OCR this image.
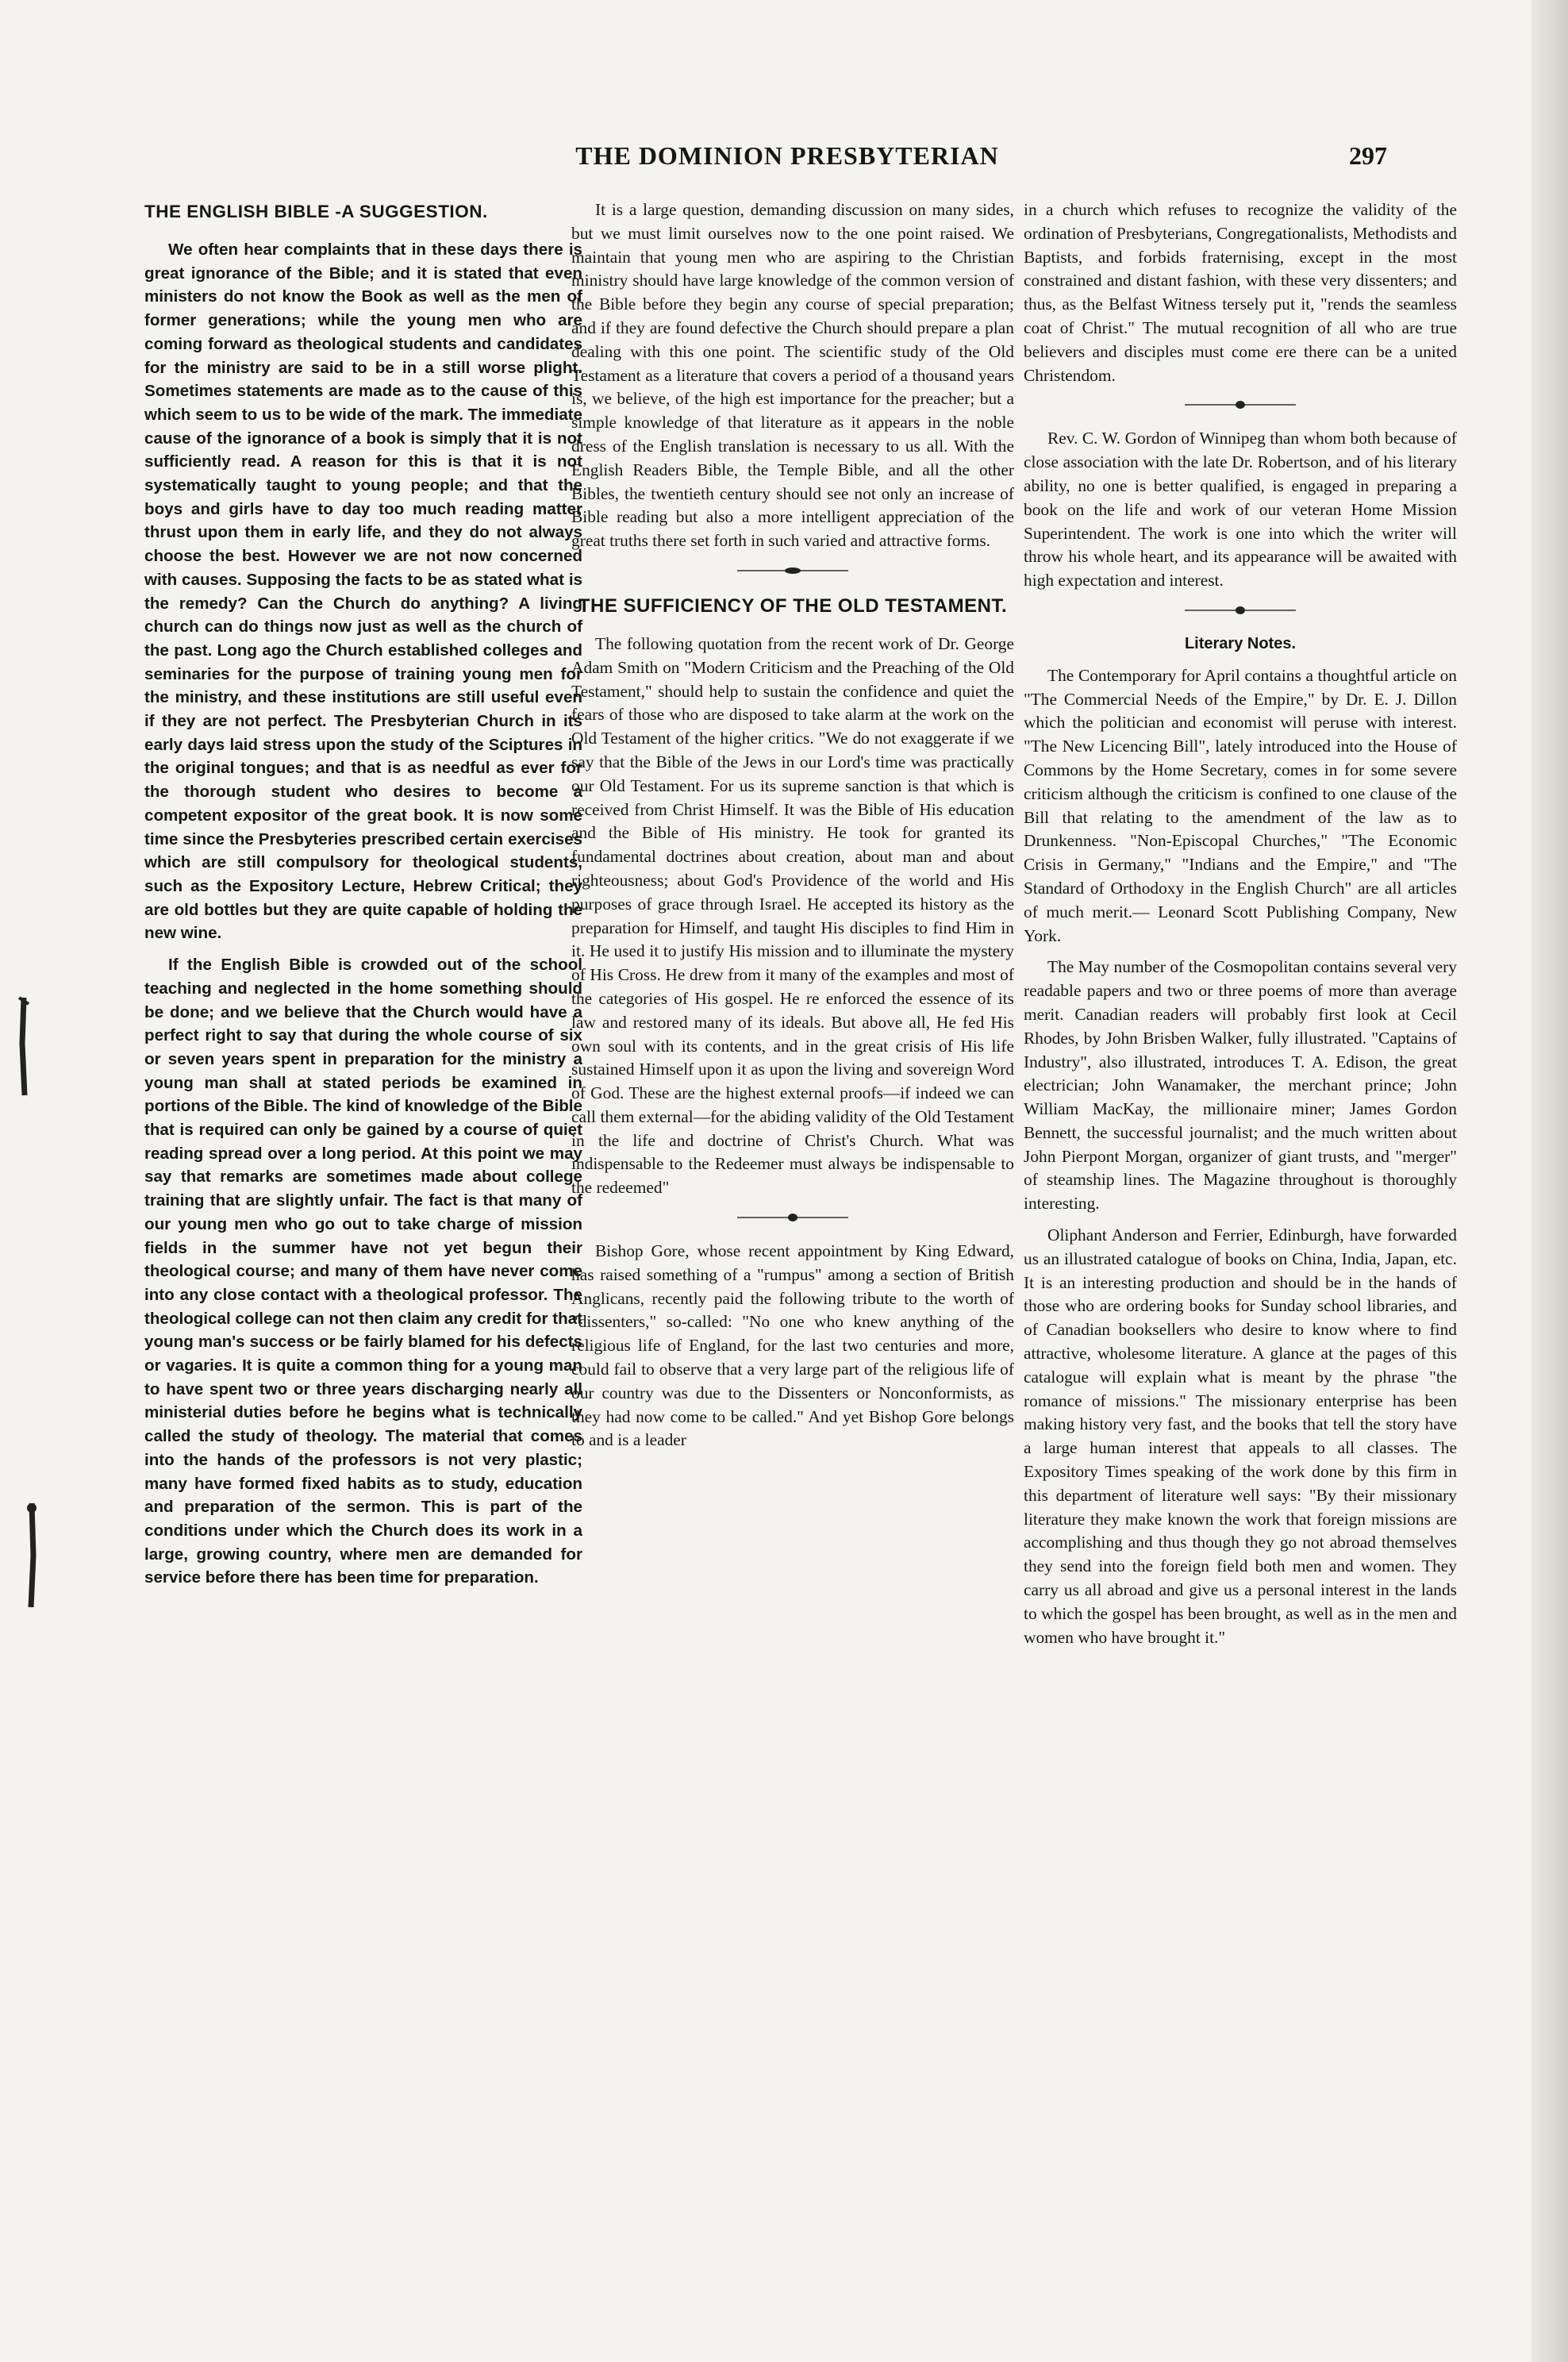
THE DOMINION PRESBYTERIAN	297
THE ENGLISH BIBLE -A SUGGESTION.

We often hear complaints that in these days there is great ignorance of the Bible; and it is stated that even ministers do not know the Book as well as the men of former generations; while the young men who are coming forward as theological students and candidates for the ministry are said to be in a still worse plight. Sometimes statements are made as to the cause of this which seem to us to be wide of the mark. The immediate cause of the ignorance of a book is simply that it is not sufficiently read. A reason for this is that it is not systematically taught to young people; and that the boys and girls have to day too much reading matter thrust upon them in early life, and they do not always choose the best. However we are not now concerned with causes. Supposing the facts to be as stated what is the remedy? Can the Church do anything? A living church can do things now just as well as the church of the past. Long ago the Church established colleges and seminaries for the purpose of training young men for the ministry, and these institutions are still useful even if they are not perfect. The Presbyterian Church in its early days laid stress upon the study of the Sciptures in the original tongues; and that is as needful as ever for the thorough student who desires to become a competent expositor of the great book. It is now some time since the Presbyteries prescribed certain exercises which are still compulsory for theological students, such as the Expository Lecture, Hebrew Critical; they are old bottles but they are quite capable of holding the new wine.

If the English Bible is crowded out of the school teaching and neglected in the home something should be done; and we believe that the Church would have a perfect right to say that during the whole course of six or seven years spent in preparation for the ministry a young man shall at stated periods be examined in portions of the Bible. The kind of knowledge of the Bible that is required can only be gained by a course of quiet reading spread over a long period. At this point we may say that remarks are sometimes made about college training that are slightly unfair. The fact is that many of our young men who go out to take charge of mission fields in the summer have not yet begun their theological course; and many of them have never come into any close contact with a theological professor. The theological college can not then claim any credit for that young man's success or be fairly blamed for his defects or vagaries. It is quite a common thing for a young man to have spent two or three years discharging nearly all ministerial duties before he begins what is technically called the study of theology. The material that comes into the hands of the professors is not very plastic; many have formed fixed habits as to study, education and preparation of the sermon. This is part of the conditions under which the Church does its work in a large, growing country, where men are demanded for service before there has been time for preparation.

It is a large question, demanding discussion on many sides, but we must limit ourselves now to the one point raised. We maintain that young men who are aspiring to the Christian ministry should have large knowledge of the common version of the Bible before they begin any course of special preparation; and if they are found defective the Church should prepare a plan dealing with this one point. The scientific study of the Old Testament as a literature that covers a period of a thousand years is, we believe, of the high est importance for the preacher; but a simple knowledge of that literature as it appears in the noble dress of the English translation is necessary to us all. With the English Readers Bible, the Temple Bible, and all the other Bibles, the twentieth century should see not only an increase of Bible reading but also a more intelligent appreciation of the great truths there set forth in such varied and attractive forms.

THE SUFFICIENCY OF THE OLD TESTAMENT.

The following quotation from the recent work of Dr. George Adam Smith on "Modern Criticism and the Preaching of the Old Testament," should help to sustain the confidence and quiet the fears of those who are disposed to take alarm at the work on the Old Testament of the higher critics. "We do not exaggerate if we say that the Bible of the Jews in our Lord's time was practically our Old Testament. For us its supreme sanction is that which is received from Christ Himself. It was the Bible of His education and the Bible of His ministry. He took for granted its fundamental doctrines about creation, about man and about righteousness; about God's Providence of the world and His purposes of grace through Israel. He accepted its history as the preparation for Himself, and taught His disciples to find Him in it. He used it to justify His mission and to illuminate the mystery of His Cross. He drew from it many of the examples and most of the categories of His gospel. He re enforced the essence of its law and restored many of its ideals. But above all, He fed His own soul with its contents, and in the great crisis of His life sustained Himself upon it as upon the living and sovereign Word of God. These are the highest external proofs—if indeed we can call them external—for the abiding validity of the Old Testament in the life and doctrine of Christ's Church. What was indispensable to the Redeemer must always be indispensable to the redeemed"

Bishop Gore, whose recent appointment by King Edward, has raised something of a "rumpus" among a section of British Anglicans, recently paid the following tribute to the worth of "dissenters," so-called: "No one who knew anything of the religious life of England, for the last two centuries and more, could fail to observe that a very large part of the religious life of our country was due to the Dissenters or Nonconformists, as they had now come to be called." And yet Bishop Gore belongs to and is a leader

in a church which refuses to recognize the validity of the ordination of Presbyterians, Congregationalists, Methodists and Baptists, and forbids fraternising, except in the most constrained and distant fashion, with these very dissenters; and thus, as the Belfast Witness tersely put it, "rends the seamless coat of Christ." The mutual recognition of all who are true believers and disciples must come ere there can be a united Christendom.

Rev. C. W. Gordon of Winnipeg than whom both because of close association with the late Dr. Robertson, and of his literary ability, no one is better qualified, is engaged in preparing a book on the life and work of our veteran Home Mission Superintendent. The work is one into which the writer will throw his whole heart, and its appearance will be awaited with high expectation and interest.

Literary Notes.

The Contemporary for April contains a thoughtful article on "The Commercial Needs of the Empire," by Dr. E. J. Dillon which the politician and economist will peruse with interest. "The New Licencing Bill", lately introduced into the House of Commons by the Home Secretary, comes in for some severe criticism although the criticism is confined to one clause of the Bill that relating to the amendment of the law as to Drunkenness. "Non-Episcopal Churches," "The Economic Crisis in Germany," "Indians and the Empire," and "The Standard of Orthodoxy in the English Church" are all articles of much merit.— Leonard Scott Publishing Company, New York.

The May number of the Cosmopolitan contains several very readable papers and two or three poems of more than average merit. Canadian readers will probably first look at Cecil Rhodes, by John Brisben Walker, fully illustrated. "Captains of Industry", also illustrated, introduces T. A. Edison, the great electrician; John Wanamaker, the merchant prince; John William MacKay, the millionaire miner; James Gordon Bennett, the successful journalist; and the much written about John Pierpont Morgan, organizer of giant trusts, and "merger" of steamship lines. The Magazine throughout is thoroughly interesting.

Oliphant Anderson and Ferrier, Edinburgh, have forwarded us an illustrated catalogue of books on China, India, Japan, etc. It is an interesting production and should be in the hands of those who are ordering books for Sunday school libraries, and of Canadian booksellers who desire to know where to find attractive, wholesome literature. A glance at the pages of this catalogue will explain what is meant by the phrase "the romance of missions." The missionary enterprise has been making history very fast, and the books that tell the story have a large human interest that appeals to all classes. The Expository Times speaking of the work done by this firm in this department of literature well says: "By their missionary literature they make known the work that foreign missions are accomplishing and thus though they go not abroad themselves they send into the foreign field both men and women. They carry us all abroad and give us a personal interest in the lands to which the gospel has been brought, as well as in the men and women who have brought it."
